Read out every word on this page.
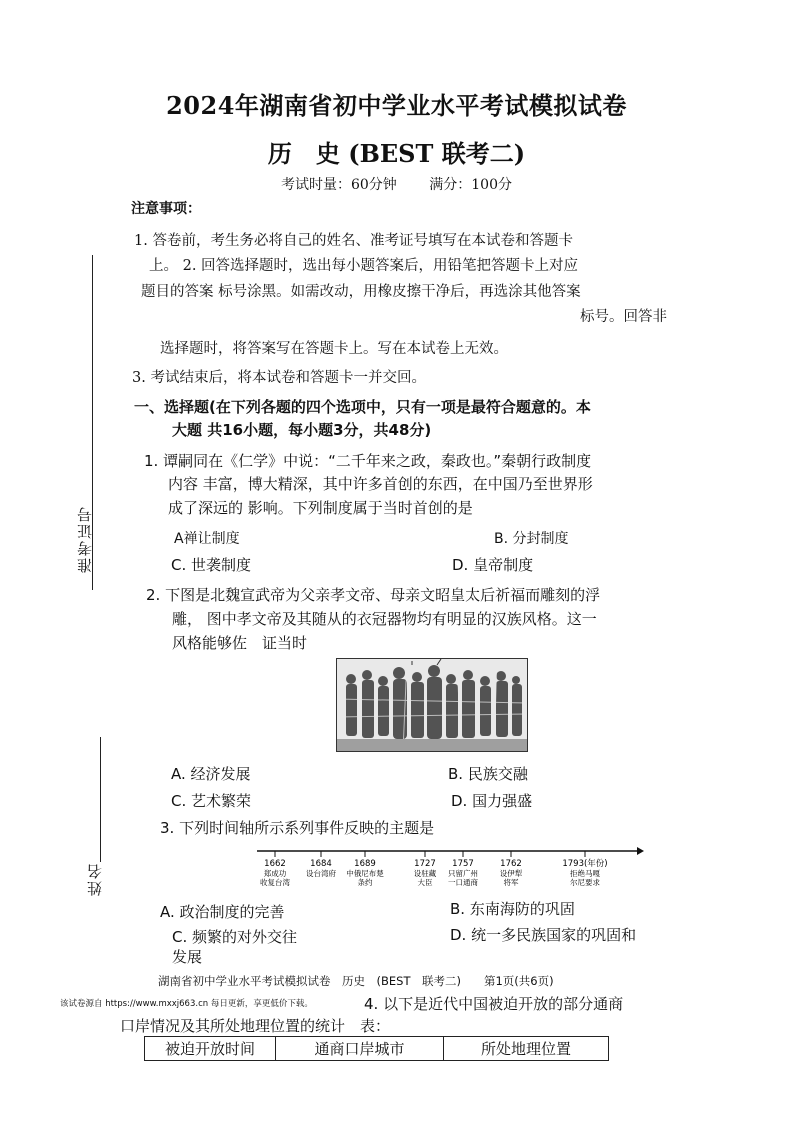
2024年湖南省初中学业水平考试模拟试卷
历　史 (BEST 联考二)
考试时量：60分钟 满分：100分
注意事项：
1. 答卷前，考生务必将自己的姓名、准考证号填写在本试卷和答题卡
上。 2. 回答选择题时，选出每小题答案后，用铅笔把答题卡上对应
题目的答案 标号涂黑。如需改动，用橡皮擦干净后，再选涂其他答案
标号。回答非
选择题时，将答案写在答题卡上。写在本试卷上无效。
3. 考试结束后，将本试卷和答题卡一并交回。
一、选择题(在下列各题的四个选项中，只有一项是最符合题意的。本
大题 共16小题，每小题3分，共48分)
1. 谭嗣同在《仁学》中说：“二千年来之政，秦政也。”秦朝行政制度
内容 丰富，博大精深，其中许多首创的东西，在中国乃至世界形
成了深远的 影响。下列制度属于当时首创的是
A禅让制度	B. 分封制度
C. 世袭制度	D. 皇帝制度
2. 下图是北魏宣武帝为父亲孝文帝、母亲文昭皇太后祈福而雕刻的浮
雕， 图中孝文帝及其随从的衣冠器物均有明显的汉族风格。这一
风格能够佐　证当时
A. 经济发展	B. 民族交融
C. 艺术繁荣	D. 国力强盛
3. 下列时间轴所示系列事件反映的主题是
1662	1684	1689	1727 1757	1762	1793(年份)
郑成功
收复台湾
设台湾府 中俄尼布楚
条约
设驻藏
大臣
只留广州
一口通商
设伊犁
将军
拒绝马嘎
尔尼要求
A. 政治制度的完善	B. 东南海防的巩固
C. 频繁的对外交往	D. 统一多民族国家的巩固和
发展
准考证号
姓名
湖南省初中学业水平考试模拟试卷　历史　(BEST　联考二)　　第1页(共6页)
该试卷源自 https://www.mxxj663.cn 每日更新，享更低价下载。	4. 以下是近代中国被迫开放的部分通商
口岸情况及其所处地理位置的统计　表：
被迫开放时间	通商口岸城市	所处地理位置
